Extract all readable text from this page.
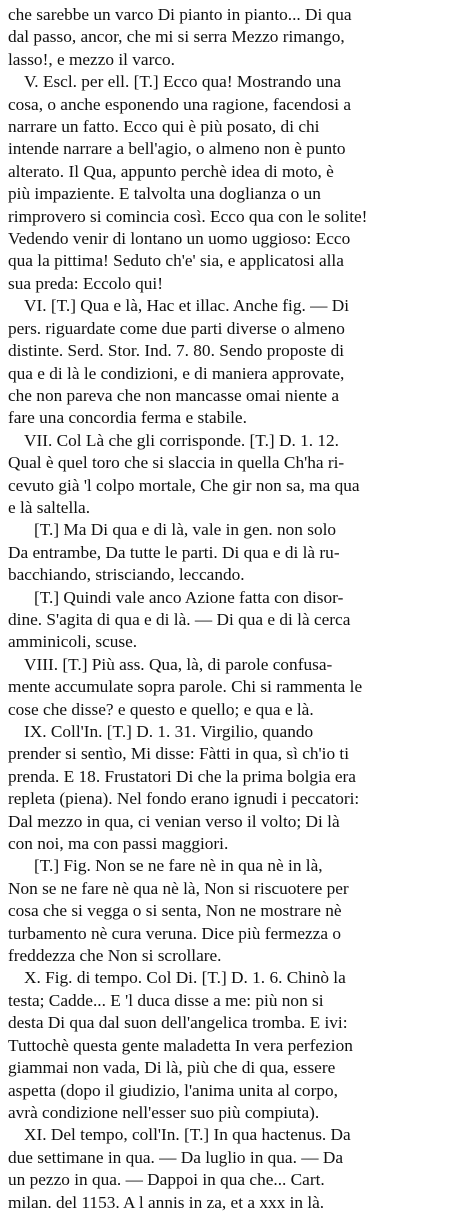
che sarebbe un varco Di pianto in pianto... Di qua

dal passo, ancor, che mi si serra Mezzo rimango,

lasso!, e mezzo il varco.

V. Escl. per ell. [T.] Ecco qua! Mostrando una

cosa, o anche esponendo una ragione, facendosi a

narrare un fatto. Ecco qui è più posato, di chi

intende narrare a bell'agio, o almeno non è punto

alterato. Il Qua, appunto perchè idea di moto, è

più impaziente. E talvolta una doglianza o un

rimprovero si comincia così. Ecco qua con le solite!

Vedendo venir di lontano un uomo uggioso: Ecco

qua la pittima! Seduto ch'e' sia, e applicatosi alla

sua preda: Eccolo qui!

VI. [T.] Qua e là, Hac et illac. Anche fig. — Di

pers. riguardate come due parti diverse o almeno

distinte. Serd. Stor. Ind. 7. 80. Sendo proposte di

qua e di là le condizioni, e di maniera approvate,

che non pareva che non mancasse omai niente a

fare una concordia ferma e stabile.

VII. Col Là che gli corrisponde. [T.] D. 1. 12.

Qual è quel toro che si slaccia in quella Ch'ha ri-

cevuto già 'l colpo mortale, Che gir non sa, ma qua

e là saltella.

[T.] Ma Di qua e di là, vale in gen. non solo

Da entrambe, Da tutte le parti. Di qua e di là ru-

bacchiando, strisciando, leccando.

[T.] Quindi vale anco Azione fatta con disor-

dine. S'agita di qua e di là. — Di qua e di là cerca

amminicoli, scuse.

VIII. [T.] Più ass. Qua, là, di parole confusa-

mente accumulate sopra parole. Chi si rammenta le

cose che disse? e questo e quello; e qua e là.

IX. Coll'In. [T.] D. 1. 31. Virgilio, quando

prender si sentìo, Mi disse: Fàtti in qua, sì ch'io ti

prenda. E 18. Frustatori Di che la prima bolgia era

repleta (piena). Nel fondo erano ignudi i peccatori:

Dal mezzo in qua, ci venian verso il volto; Di là

con noi, ma con passi maggiori.

[T.] Fig. Non se ne fare nè in qua nè in là,

Non se ne fare nè qua nè là, Non si riscuotere per

cosa che si vegga o si senta, Non ne mostrare nè

turbamento nè cura veruna. Dice più fermezza o

freddezza che Non si scrollare.

X. Fig. di tempo. Col Di. [T.] D. 1. 6. Chinò la

testa; Cadde... E 'l duca disse a me: più non si

desta Di qua dal suon dell'angelica tromba. E ivi:

Tuttochè questa gente maladetta In vera perfezion

giammai non vada, Di là, più che di qua, essere

aspetta (dopo il giudizio, l'anima unita al corpo,

avrà condizione nell'esser suo più compiuta).

XI. Del tempo, coll'In. [T.] In qua hactenus. Da

due settimane in qua. — Da luglio in qua. — Da

un pezzo in qua. — Dappoi in qua che... Cart.

milan. del 1153. A l annis in za, et a xxx in là.
